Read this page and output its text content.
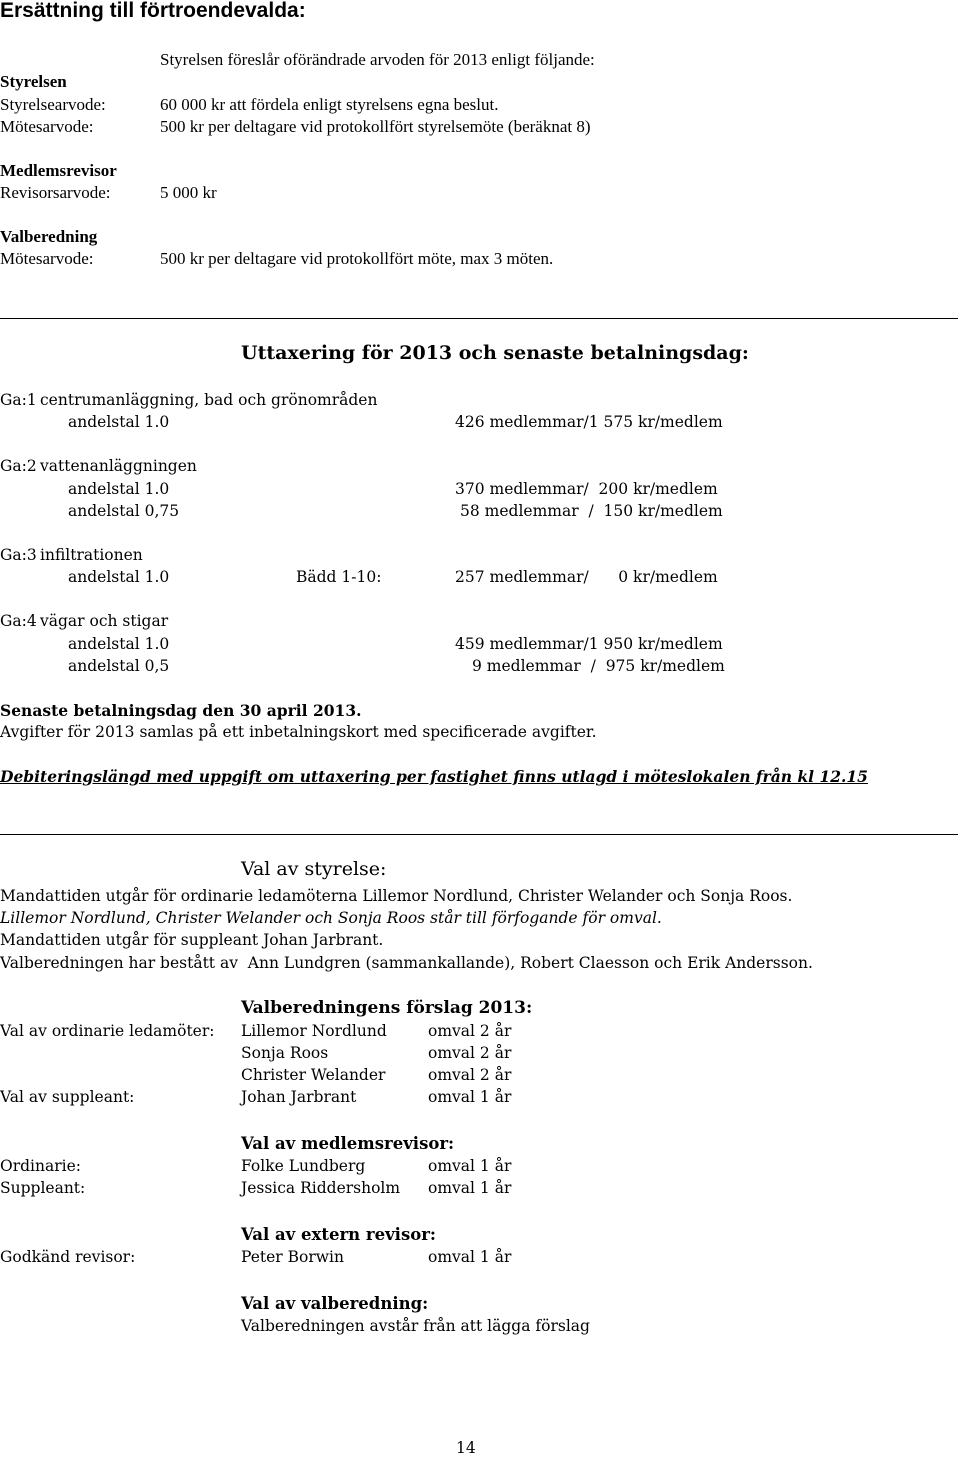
Ersättning till förtroendevalda:
Styrelsen föreslår oförändrade arvoden för 2013 enligt följande:
Styrelsen
Styrelsearvode:	60 000 kr att fördela enligt styrelsens egna beslut.
Mötesarvode:	500 kr per deltagare vid protokollfört styrelsemöte (beräknat 8)
Medlemsrevisor
Revisorsarvode:	5 000 kr
Valberedning
Mötesarvode:	500 kr per deltagare vid protokollfört möte, max 3 möten.
Uttaxering för 2013 och senaste betalningsdag:
Ga:1 centrumanläggning, bad och grönområden
andelstal 1.0	426 medlemmar/1 575 kr/medlem
Ga:2 vattenanläggningen
andelstal 1.0	370 medlemmar/  200 kr/medlem
andelstal 0,75	58 medlemmar  /  150 kr/medlem
Ga:3 infiltrationen
andelstal 1.0	Bädd 1-10:	257 medlemmar/      0 kr/medlem
Ga:4 vägar och stigar
andelstal 1.0	459 medlemmar/1 950 kr/medlem
andelstal 0,5	9 medlemmar  /  975 kr/medlem
Senaste betalningsdag den 30 april 2013.
Avgifter för 2013 samlas på ett inbetalningskort med specificerade avgifter.
Debiteringslängd med uppgift om uttaxering per fastighet finns utlagd i möteslokalen från kl 12.15
Val av styrelse:
Mandattiden utgår för ordinarie ledamöterna Lillemor Nordlund, Christer Welander och Sonja Roos.
Lillemor Nordlund, Christer Welander och Sonja Roos står till förfogande för omval.
Mandattiden utgår för suppleant Johan Jarbrant.
Valberedningen har bestått av  Ann Lundgren (sammankallande), Robert Claesson och Erik Andersson.
Valberedningens förslag 2013:
Val av ordinarie ledamöter: Lillemor Nordlund	omval 2 år
Sonja Roos	omval 2 år
Christer Welander	omval 2 år
Val av suppleant:	Johan Jarbrant	omval 1 år
Val av medlemsrevisor:
Ordinarie:	Folke Lundberg	omval 1 år
Suppleant:	Jessica Riddersholm omval 1 år
Val av extern revisor:
Godkänd revisor:	Peter Borwin	omval 1 år
Val av valberedning:
Valberedningen avstår från att lägga förslag
14
